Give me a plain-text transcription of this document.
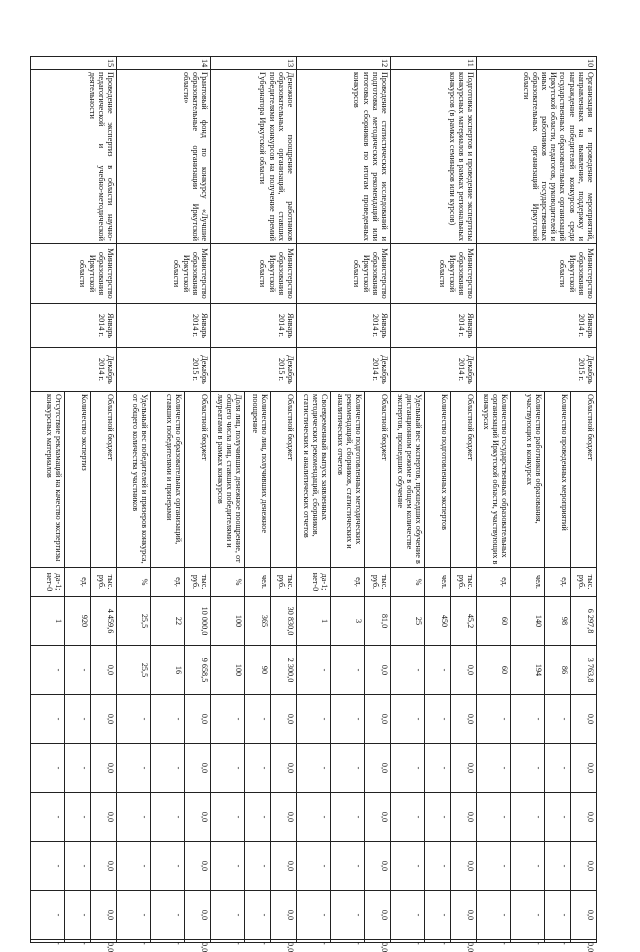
10	Организация и проведение мероприятий, направленных на выявление, поддержку и награждение победителей конкурсов среди государственных образовательных организаций Иркутской области, педагогов, руководителей и иных работников государственных образовательных организаций Иркутской области	Министерство образования Иркутской области	Январь 2014 г.	Декабрь 2015 г.	Областной бюджет	тыс. руб.	6 297,8	3 763,8	0,0	0,0	0,0	0,0	0,0	0,0
					Количество проведенных мероприятий	ед.	98	86	-	-	-	-	-	-
					Количество работников образования, участвующих в конкурсах	чел.	140	194	-	-	-	-	-	-
					Количество государственных образовательных организаций Иркутской области, участвующих в конкурсах	ед.	60	60	-	-	-	-	-	-
11	Подготовка экспертов и проведение экспертизы конкурсных материалов в рамках региональных конкурсов (в рамках семинаров или курсов)	Министерство образования Иркутской области	Январь 2014 г.	Декабрь 2014 г.	Областной бюджет	тыс. руб.	45,2	0,0	0,0	0,0	0,0	0,0	0,0	0,0
					Количество подготовленных экспертов	чел.	450	-	-	-	-	-	-	-
					Удельный вес экспертов, прошедших обучение в дистанционном режиме в общем количестве экспертов, прошедших обучение	%	25	-	-	-	-	-	-	-
12	Проведение статистических исследований и подготовка методических рекомендаций или итоговых сборников по итогам проведенных конкурсов	Министерство образования Иркутской области	Январь 2014 г.	Декабрь 2014 г.	Областной бюджет	тыс. руб.	81,0	0,0	0,0	0,0	0,0	0,0	0,0	0,0
					Количество подготовленных методических рекомендаций, сборников, статистических и аналитических отчетов	ед.	3	-	-	-	-	-	-	-
					Своевременный выпуск заявленных методических рекомендаций, сборников, статистических и аналитических отчетов	да-1; нет-0	1	-	-	-	-	-	-	-
13	Денежное поощрение работников образовательных организаций, ставших победителями конкурсов на получение премий Губернатора Иркутской области	Министерство образования Иркутской области	Январь 2014 г.	Декабрь 2015 г.	Областной бюджет	тыс. руб.	30 830,0	2 300,0	0,0	0,0	0,0	0,0	0,0	0,0
					Количество лиц, получивших денежное поощрение	чел.	365	90	-	-	-	-	-	-
					Доля лиц, получивших денежное поощрение, от общего числа лиц, ставших победителями и лауреатами в рамках конкурсов	%	100	100	-	-	-	-	-	-
14	Грантовый фонд по конкурсу «Лучшие образовательные организации Иркутской области»	Министерство образования Иркутской области	Январь 2014 г.	Декабрь 2015 г.	Областной бюджет	тыс. руб.	10 000,0	9 658,5	0,0	0,0	0,0	0,0	0,0	0,0
					Количество образовательных организаций, ставших победителями и призерами	ед.	22	16	-	-	-	-	-	-
					Удельный вес победителей и призеров конкурса, от общего количества участников	%	25,5	25,5	-	-	-	-	-	-
15	Проведение экспертиз в области научно-педагогической и учебно-методической деятельности	Министерство образования Иркутской области	Январь 2014 г.	Декабрь 2014 г.	Областной бюджет	тыс. руб.	4 459,6	0,0	0,0	0,0	0,0	0,0	0,0	0,0
					Количество экспертиз	ед.	920	-	-	-	-	-	-	-
					Отсутствие рекламаций на качество экспертизы конкурсных материалов	да-1; нет-0	1	-	-	-	-	-	-	-
